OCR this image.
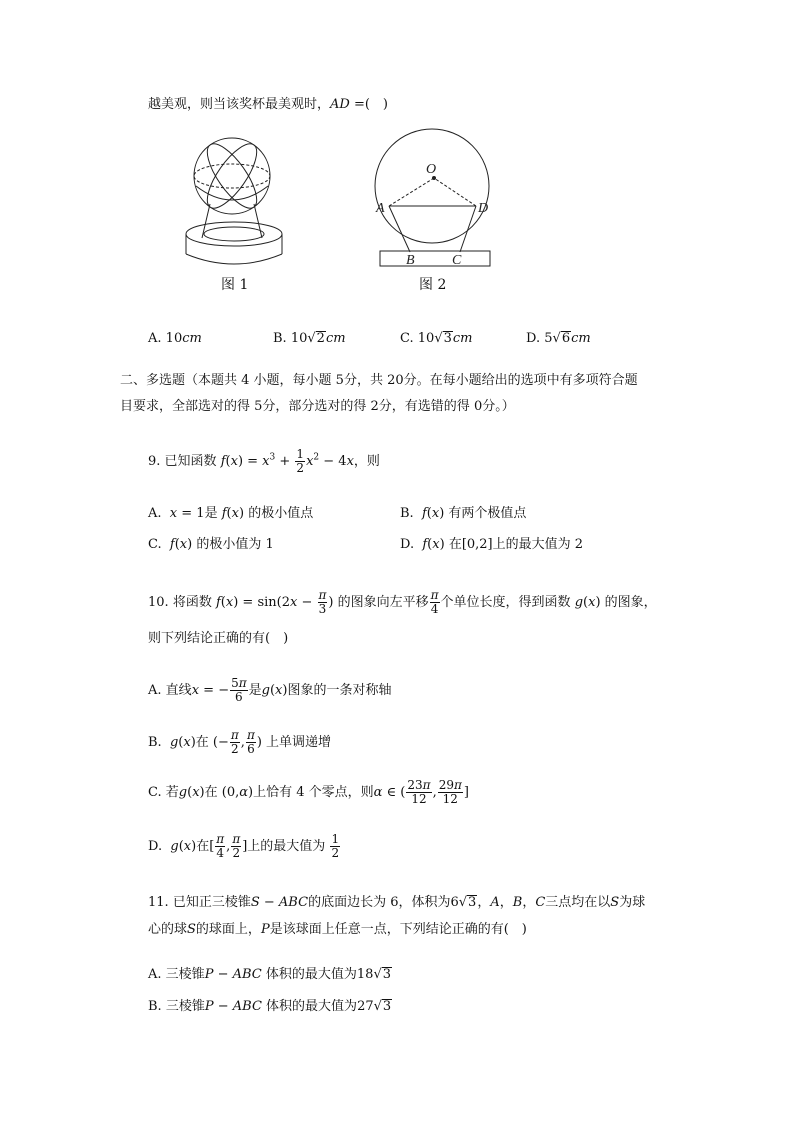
越美观，则当该奖杯最美观时，AD =(　)
图 1
O
A	D
B	C
图 2
A. 10cm	B. 10√2cm	C. 10√3cm	D. 5√6cm
二、多选题（本题共 4 小题，每小题 5分，共 20分。在每小题给出的选项中有多项符合题
目要求，全部选对的得 5分，部分选对的得 2分，有选错的得 0分。）
9. 已知函数 $f(x) = x^3 + \frac{1}{2} x^2 - 4x$，则
A. x = 1是 f(x) 的极小值点	B. f(x) 有两个极值点
C. f(x) 的极小值为 1	D. f(x) 在[0,2]上的最大值为 2
10. 将函数 $f(x) = \sin(2x - \frac{\pi}{3}$ ) 的图象向左平移 $\frac{\pi}{4}$ 个单位长度，得到函数 g(x) 的图象，
则下列结论正确的有(　)
A. 直线x = − $\frac{5\pi}{6}$ 是g(x)图象的一条对称轴
B. g(x)在 (− $\frac{\pi}{2}$ , $\frac{\pi}{6}$ ) 上单调递增
C. 若g(x)在 (0,α)上恰有 4 个零点，则α ∈ ( $\frac{23\pi}{12}$ , $\frac{29\pi}{12}$ ]
D. g(x)在[ $\frac{\pi}{4}$ , $\frac{\pi}{2}$ ]上的最大值为 $\frac{1}{2}$
11. 已知正三棱锥S − ABC的底面边长为 6，体积为6√3，A，B，C三点均在以S为球
心的球S的球面上，P是该球面上任意一点，下列结论正确的有(　)
A. 三棱锥P − ABC 体积的最大值为18√3
B. 三棱锥P − ABC 体积的最大值为27√3
